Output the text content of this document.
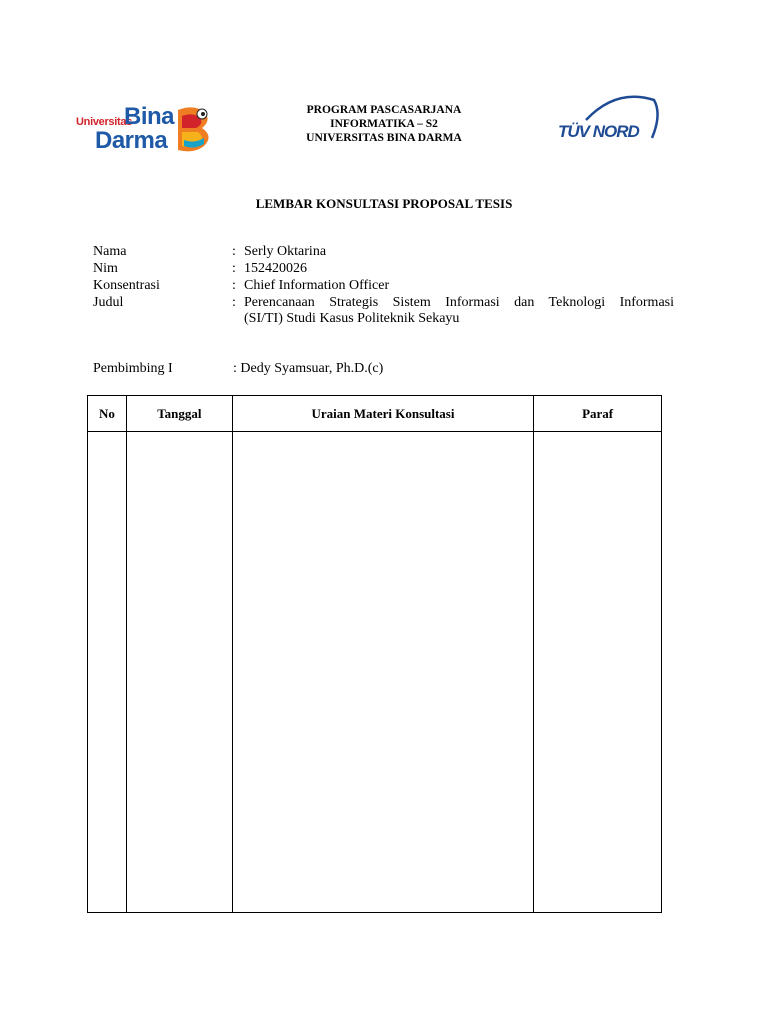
Universitas
Bina
Darma
PROGRAM PASCASARJANA
INFORMATIKA – S2
UNIVERSITAS BINA DARMA	TÜV NORD
LEMBAR KONSULTASI PROPOSAL TESIS
Nama	: Serly Oktarina
Nim	: 152420026
Konsentrasi	: Chief Information Officer
Judul	: Perencanaan Strategis Sistem Informasi dan Teknologi Informasi
(SI/TI) Studi Kasus Politeknik Sekayu
Pembimbing I	: Dedy Syamsuar, Ph.D.(c)
No	Tanggal	Uraian Materi Konsultasi	Paraf
